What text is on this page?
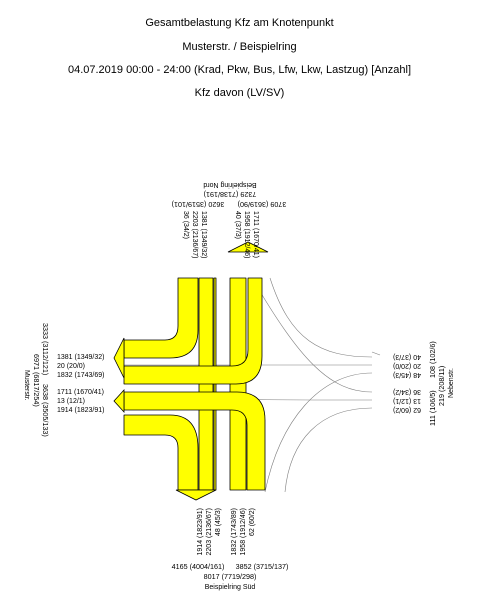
Gesamtbelastung Kfz am Knotenpunkt
Musterstr. / Beispielring
04.07.2019 00:00 - 24:00 (Krad, Pkw, Bus, Lfw, Lkw, Lastzug) [Anzahl]
Kfz davon (LV/SV)
Beispielring Nord
7329 (7138/191)
3620 (3519/101) 3709 (3619/90)
36 (34/2) 2203 (2136/67) 1381 (1349/32)	40 (37/3) 1958 (1912/46) 1711 (1670/41)
1914 (1823/91) 2203 (2136/67) 48 (45/3) 1832 (1743/89) 1958 (1912/46) 62 (60/2)
4165 (4004/161) 3852 (3715/137)
8017 (7719/298)
Beispielring Süd
1381 (1349/32)
20 (20/0)
1832 (1743/69)
1711 (1670/41)
13 (12/1)
1914 (1823/91)
3333 (3112/121)
3638 (3505/133)
6971 (6817/254)
Musterstr.
40 (37/3)
20 (20/0)
48 (45/3)
36 (34/2)
13 (12/1)
62 (60/2)
108 (102/6)
111 (106/5)
219 (208/11) Nebenstr.
